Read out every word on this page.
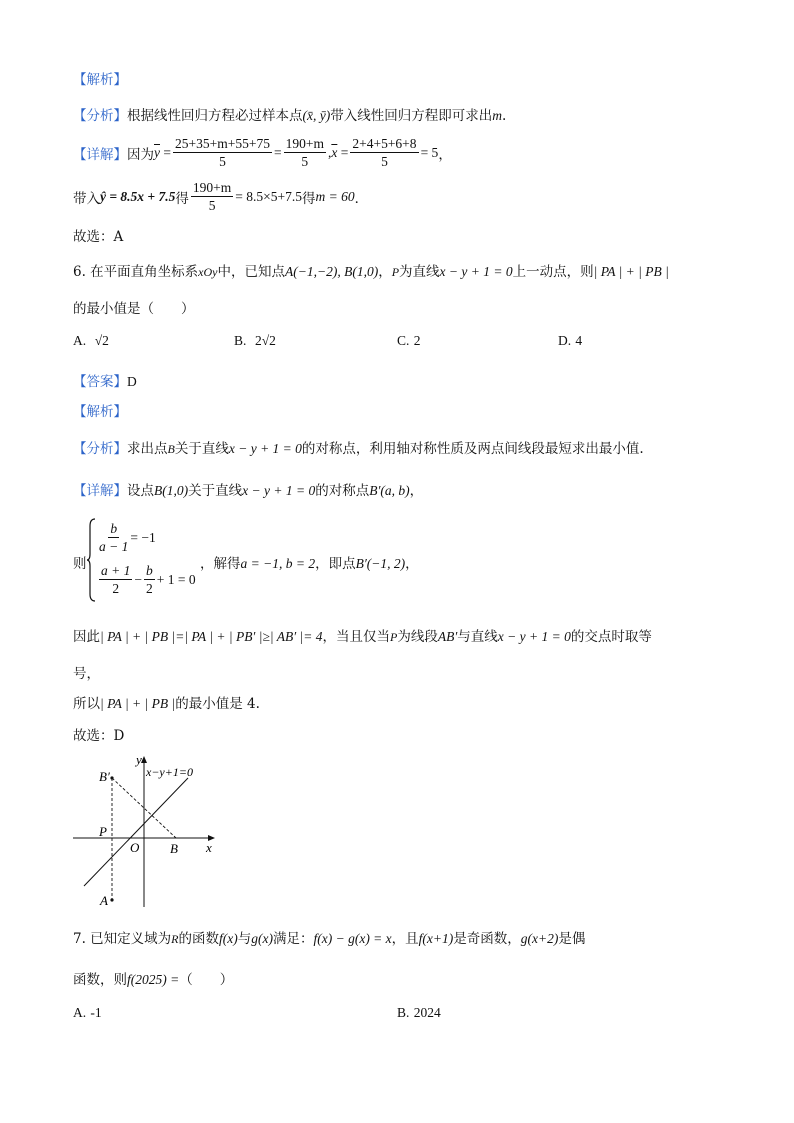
【解析】
【分析】根据线性回归方程必过样本点(x̄, ȳ)带入线性回归方程即可求出m.
【详解】 因为 $\overline{y} = \frac{25+35+m+55+75}{5} = \frac{190+m}{5}$ , $\overline{x} = \frac{2+4+5+6+8}{5} = 5$ ，
带入 ŷ = 8.5x + 7.5 得 $\frac{190+m}{5} = 8.5\times 5+7.5$ 得 m = 60 ．
故选：A
6. 在平面直角坐标系xOy中，已知点A(−1,−2), B(1,0)，P为直线x − y + 1 = 0上一动点，则| PA | + | PB |
的最小值是（　　）
A. √2	B. 2√2	C. 2	D. 4
【答案】D
【解析】
【分析】求出点B关于直线x − y + 1 = 0的对称点，利用轴对称性质及两点间线段最短求出最小值.
【详解】设点B(1,0)关于直线x − y + 1 = 0的对称点B′(a, b)，
则
$\frac{b}{a - 1} = -1$
$\frac{a + 1}{2} - \frac{b}{2} + 1 = 0$
，解得a = −1, b = 2，即点B′(−1, 2)，
因此| PA | + | PB |=| PA | + | PB′ |≥| AB′ |= 4，当且仅当P为线段AB′与直线x − y + 1 = 0的交点时取等
号，
所以| PA | + | PB |的最小值是 4.
故选：D
y
x
O B
B′
P
A
x−y+1=0
7. 已知定义域为R的函数f(x)与g(x)满足：f(x) − g(x) = x，且f(x+1)是奇函数，g(x+2)是偶
函数，则f(2025) =（　　）
A. -1	B. 2024
